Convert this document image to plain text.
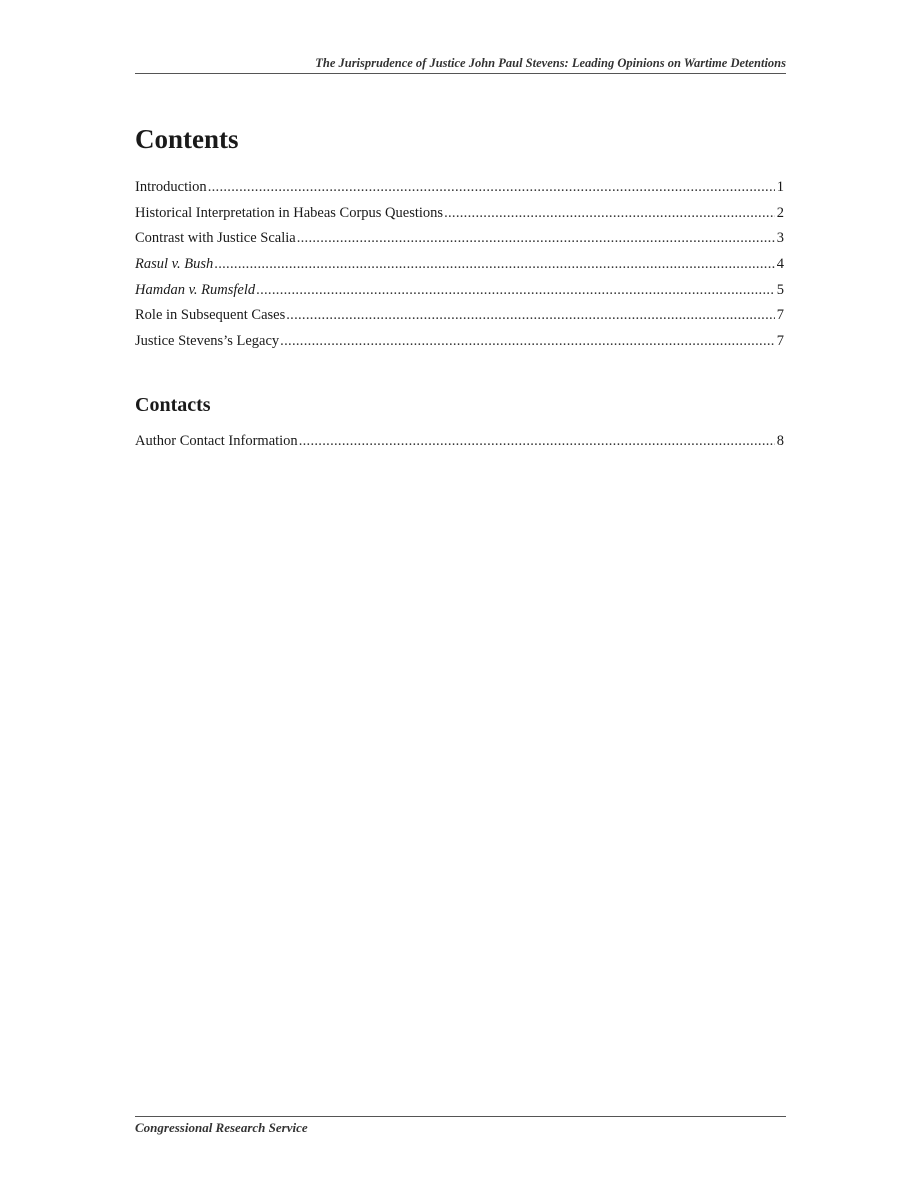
The Jurisprudence of Justice John Paul Stevens: Leading Opinions on Wartime Detentions
Contents
Introduction .....	1
Historical Interpretation in Habeas Corpus Questions .....	2
Contrast with Justice Scalia .....	3
Rasul v. Bush .....	4
Hamdan v. Rumsfeld .....	5
Role in Subsequent Cases .....	7
Justice Stevens’s Legacy .....	7
Contacts
Author Contact Information .....	8
Congressional Research Service
